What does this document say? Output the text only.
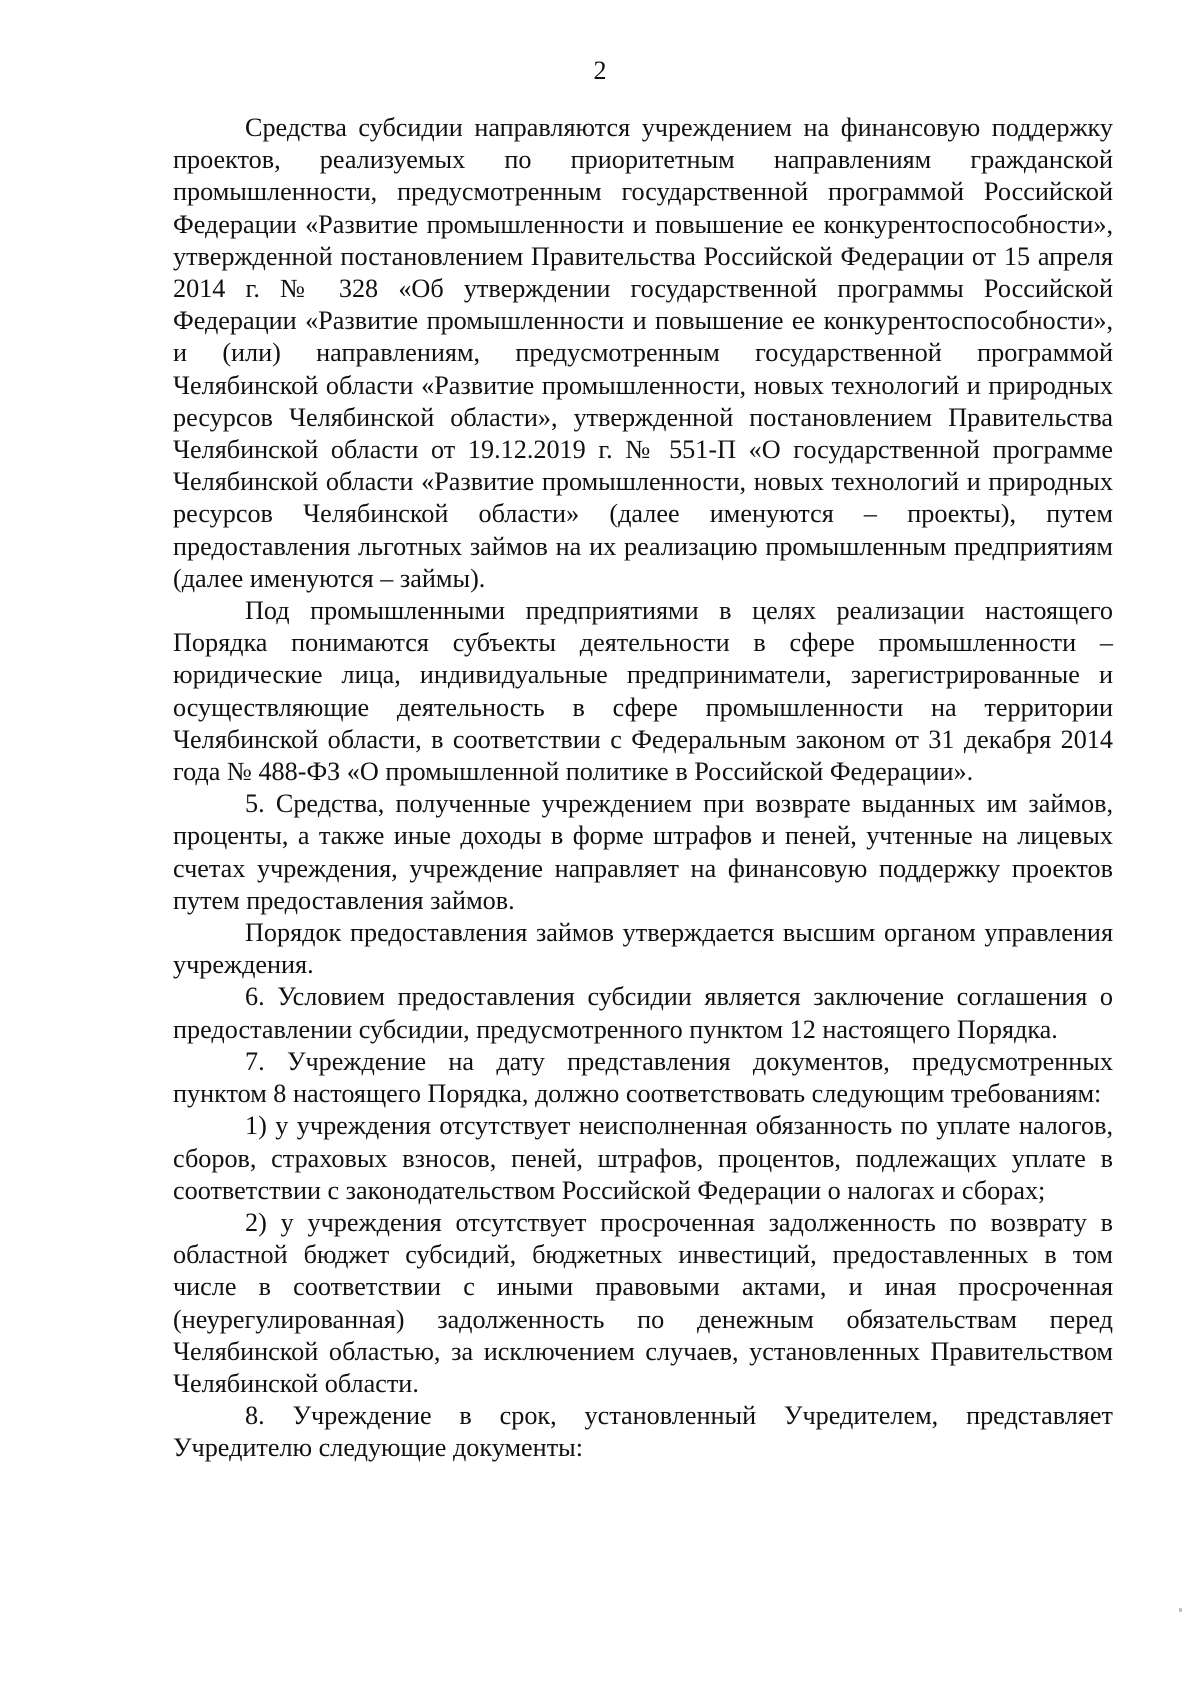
2

Средства субсидии направляются учреждением на финансовую поддержку проектов, реализуемых по приоритетным направлениям гражданской промышленности, предусмотренным государственной программой Российской Федерации «Развитие промышленности и повышение ее конкурентоспособности», утвержденной постановлением Правительства Российской Федерации от 15 апреля 2014 г. № 328 «Об утверждении государственной программы Российской Федерации «Развитие промышленности и повышение ее конкурентоспособности», и (или) направлениям, предусмотренным государственной программой Челябинской области «Развитие промышленности, новых технологий и природных ресурсов Челябинской области», утвержденной постановлением Правительства Челябинской области от 19.12.2019 г. № 551-П «О государственной программе Челябинской области «Развитие промышленности, новых технологий и природных ресурсов Челябинской области» (далее именуются – проекты), путем предоставления льготных займов на их реализацию промышленным предприятиям (далее именуются – займы).

Под промышленными предприятиями в целях реализации настоящего Порядка понимаются субъекты деятельности в сфере промышленности – юридические лица, индивидуальные предприниматели, зарегистрированные и осуществляющие деятельность в сфере промышленности на территории Челябинской области, в соответствии с Федеральным законом от 31 декабря 2014 года № 488-ФЗ «О промышленной политике в Российской Федерации».

5. Средства, полученные учреждением при возврате выданных им займов, проценты, а также иные доходы в форме штрафов и пеней, учтенные на лицевых счетах учреждения, учреждение направляет на финансовую поддержку проектов путем предоставления займов.

Порядок предоставления займов утверждается высшим органом управления учреждения.

6. Условием предоставления субсидии является заключение соглашения о предоставлении субсидии, предусмотренного пунктом 12 настоящего Порядка.

7. Учреждение на дату представления документов, предусмотренных пунктом 8 настоящего Порядка, должно соответствовать следующим требованиям:

1) у учреждения отсутствует неисполненная обязанность по уплате налогов, сборов, страховых взносов, пеней, штрафов, процентов, подлежащих уплате в соответствии с законодательством Российской Федерации о налогах и сборах;

2) у учреждения отсутствует просроченная задолженность по возврату в областной бюджет субсидий, бюджетных инвестиций, предоставленных в том числе в соответствии с иными правовыми актами, и иная просроченная (неурегулированная) задолженность по денежным обязательствам перед Челябинской областью, за исключением случаев, установленных Правительством Челябинской области.

8. Учреждение в срок, установленный Учредителем, представляет Учредителю следующие документы:
